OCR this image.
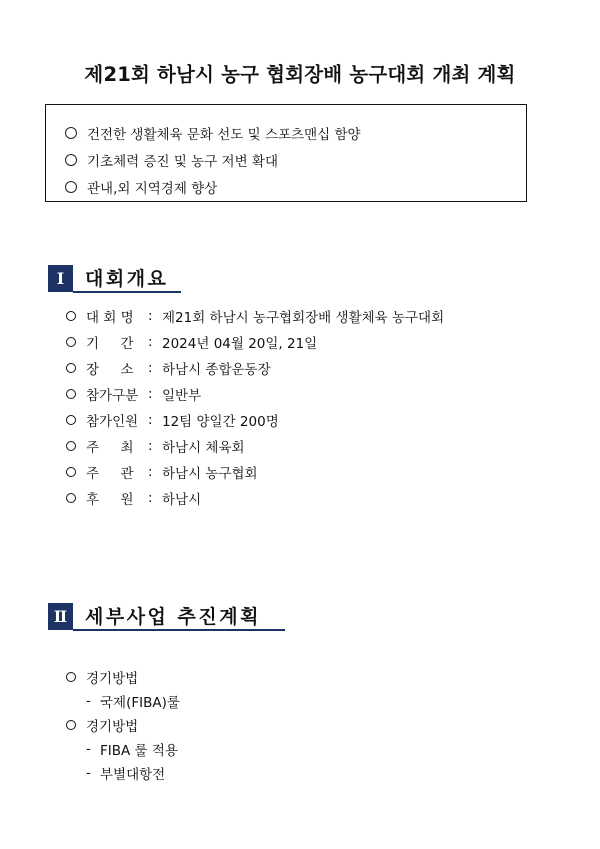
제21회 하남시 농구 협회장배 농구대회 개최 계획
건전한 생활체육 문화 선도 및 스포츠맨십 함양
기초체력 증진 및 농구 저변 확대
관내,외 지역경제 향상
Ⅰ	대회개요
대 회 명	: 제21회 하남시 농구협회장배 생활체육 농구대회
기     간	: 2024년 04월 20일, 21일
장     소	: 하남시 종합운동장
참가구분 : 일반부
참가인원 : 12팀 양일간 200명
주     최	: 하남시 체육회
주     관	: 하남시 농구협회
후     원	: 하남시
Ⅱ 세부사업 추진계획
경기방법
- 국제(FIBA)룰
경기방법
- FIBA 룰 적용
- 부별대항전
